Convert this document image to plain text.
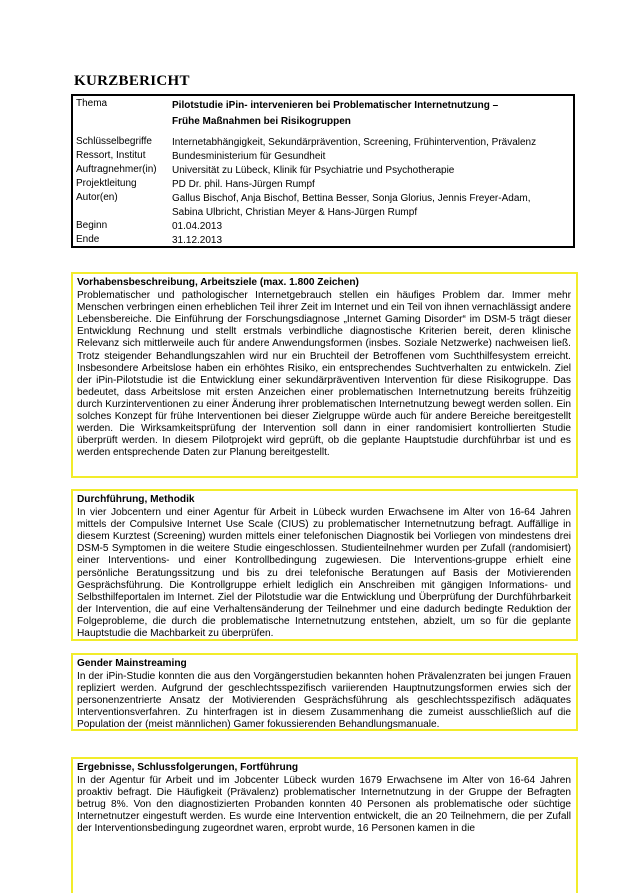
KURZBERICHT
Thema	Pilotstudie iPin- intervenieren bei Problematischer Internetnutzung –
Frühe Maßnahmen bei Risikogruppen
Schlüsselbegriffe	Internetabhängigkeit, Sekundärprävention, Screening, Frühintervention, Prävalenz
Ressort, Institut	Bundesministerium für Gesundheit
Auftragnehmer(in)	Universität zu Lübeck, Klinik für Psychiatrie und Psychotherapie
Projektleitung	PD Dr. phil. Hans-Jürgen Rumpf
Autor(en)	Gallus Bischof, Anja Bischof, Bettina Besser, Sonja Glorius, Jennis Freyer-Adam,
Sabina Ulbricht, Christian Meyer & Hans-Jürgen Rumpf
Beginn	01.04.2013
Ende	31.12.2013
Vorhabensbeschreibung, Arbeitsziele (max. 1.800 Zeichen)
Problematischer und pathologischer Internetgebrauch stellen ein häufiges Problem dar. Immer mehr Menschen verbringen einen erheblichen Teil ihrer Zeit im Internet und ein Teil von ihnen vernachlässigt andere Lebensbereiche. Die Einführung der Forschungsdiagnose „Internet Gaming Disorder“ im DSM-5 trägt dieser Entwicklung Rechnung und stellt erstmals verbindliche diagnostische Kriterien bereit, deren klinische Relevanz sich mittlerweile auch für andere Anwendungsformen (insbes. Soziale Netzwerke) nachweisen ließ. Trotz steigender Behandlungszahlen wird nur ein Bruchteil der Betroffenen vom Suchthilfesystem erreicht. Insbesondere Arbeitslose haben ein erhöhtes Risiko, ein entsprechendes Suchtverhalten zu entwickeln. Ziel der iPin-Pilotstudie ist die Entwicklung einer sekundärpräventiven Intervention für diese Risikogruppe. Das bedeutet, dass Arbeitslose mit ersten Anzeichen einer problematischen Internetnutzung bereits frühzeitig durch Kurzinterventionen zu einer Änderung ihrer problematischen Internetnutzung bewegt werden sollen. Ein solches Konzept für frühe Interventionen bei dieser Zielgruppe würde auch für andere Bereiche bereitgestellt werden. Die Wirksamkeitsprüfung der Intervention soll dann in einer randomisiert kontrollierten Studie überprüft werden. In diesem Pilotprojekt wird geprüft, ob die geplante Hauptstudie durchführbar ist und es werden entsprechende Daten zur Planung bereitgestellt.
Durchführung, Methodik
In vier Jobcentern und einer Agentur für Arbeit in Lübeck wurden Erwachsene im Alter von 16-64 Jahren mittels der Compulsive Internet Use Scale (CIUS) zu problematischer Internetnutzung befragt. Auffällige in diesem Kurztest (Screening) wurden mittels einer telefonischen Diagnostik bei Vorliegen von mindestens drei DSM-5 Symptomen in die weitere Studie eingeschlossen. Studienteilnehmer wurden per Zufall (randomisiert) einer Interventions- und einer Kontrollbedingung zugewiesen. Die Interventions-gruppe erhielt eine persönliche Beratungssitzung und bis zu drei telefonische Beratungen auf Basis der Motivierenden Gesprächsführung. Die Kontrollgruppe erhielt lediglich ein Anschreiben mit gängigen Informations- und Selbsthilfeportalen im Internet. Ziel der Pilotstudie war die Entwicklung und Überprüfung der Durchführbarkeit der Intervention, die auf eine Verhaltensänderung der Teilnehmer und eine dadurch bedingte Reduktion der Folgeprobleme, die durch die problematische Internetnutzung entstehen, abzielt, um so für die geplante Hauptstudie die Machbarkeit zu überprüfen.
Gender Mainstreaming
In der iPin-Studie konnten die aus den Vorgängerstudien bekannten hohen Prävalenzraten bei jungen Frauen repliziert werden. Aufgrund der geschlechtsspezifisch variierenden Hauptnutzungsformen erwies sich der personenzentrierte Ansatz der Motivierenden Gesprächsführung als geschlechtsspezifisch adäquates Interventionsverfahren. Zu hinterfragen ist in diesem Zusammenhang die zumeist ausschließlich auf die Population der (meist männlichen) Gamer fokussierenden Behandlungsmanuale.
Ergebnisse, Schlussfolgerungen, Fortführung
In der Agentur für Arbeit und im Jobcenter Lübeck wurden 1679 Erwachsene im Alter von 16-64 Jahren proaktiv befragt. Die Häufigkeit (Prävalenz) problematischer Internetnutzung in der Gruppe der Befragten betrug 8%. Von den diagnostizierten Probanden konnten 40 Personen als problematische oder süchtige Internetnutzer eingestuft werden. Es wurde eine Intervention entwickelt, die an 20 Teilnehmern, die per Zufall der Interventionsbedingung zugeordnet waren, erprobt wurde, 16 Personen kamen in die
